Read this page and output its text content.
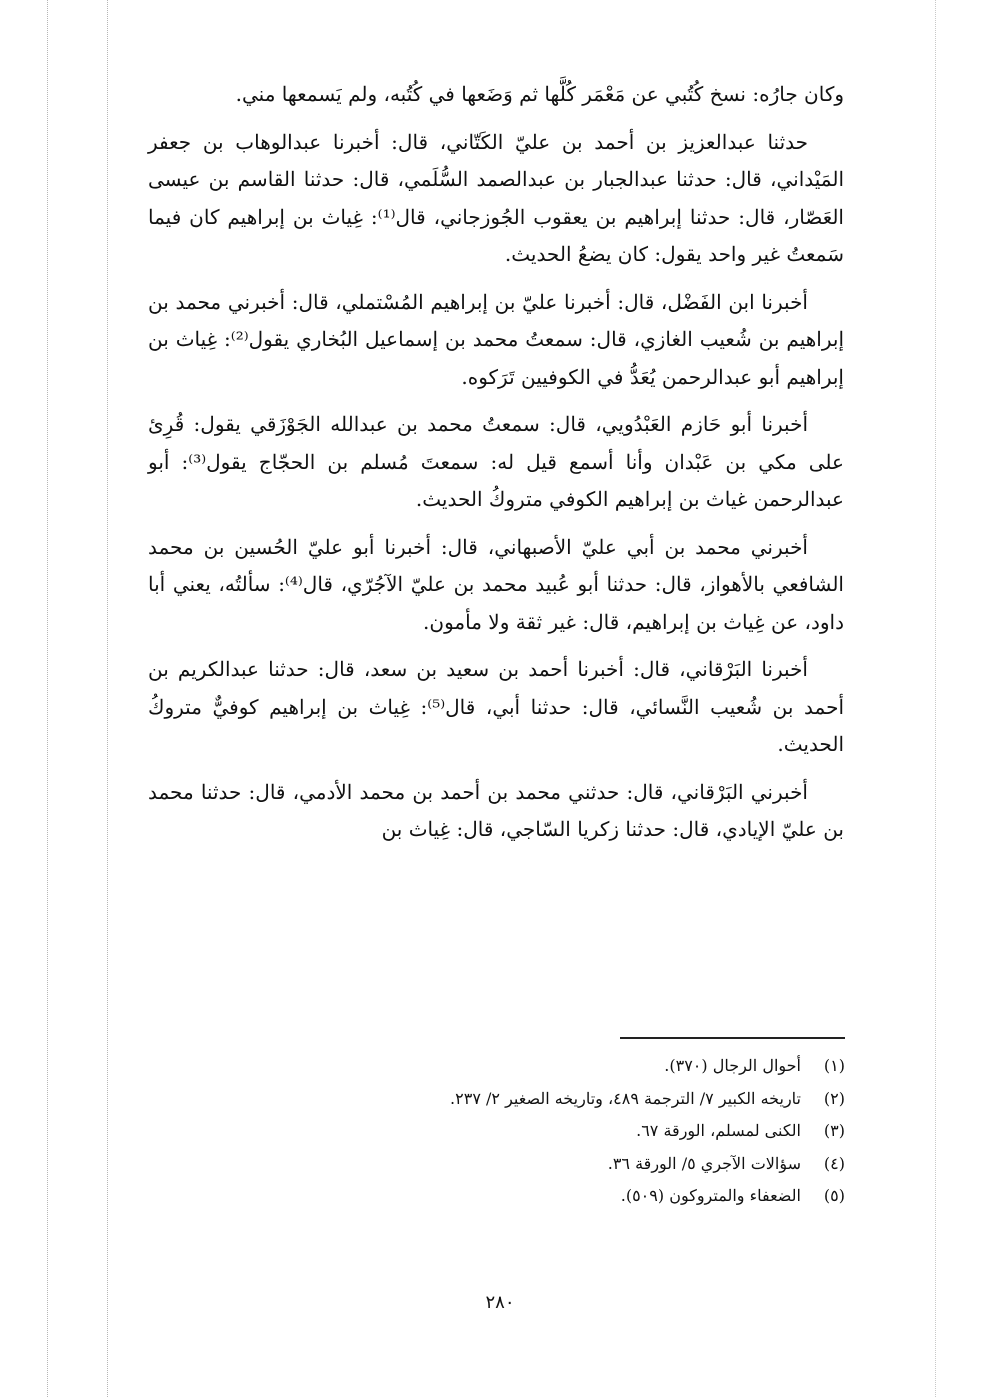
وكان جارُه: نسخ كُتُبي عن مَعْمَر كُلَّها ثم وَضَعها في كُتُبه، ولم يَسمعها مني.

حدثنا عبدالعزيز بن أحمد بن عليّ الكَتّاني، قال: أخبرنا عبدالوهاب بن جعفر المَيْداني، قال: حدثنا عبدالجبار بن عبدالصمد السُّلَمي، قال: حدثنا القاسم بن عيسى العَصّار، قال: حدثنا إبراهيم بن يعقوب الجُوزجاني، قال⁽¹⁾: غِياث بن إبراهيم كان فيما سَمعتُ غير واحد يقول: كان يضعُ الحديث.

أخبرنا ابن الفَضْل، قال: أخبرنا عليّ بن إبراهيم المُسْتملي، قال: أخبرني محمد بن إبراهيم بن شُعيب الغازي، قال: سمعتُ محمد بن إسماعيل البُخاري يقول⁽²⁾: غِياث بن إبراهيم أبو عبدالرحمن يُعَدُّ في الكوفيين تَرَكوه.

أخبرنا أبو حَازم العَبْدُويي، قال: سمعتُ محمد بن عبدالله الجَوْزَقي يقول: قُرِئ على مكي بن عَبْدان وأنا أسمع قيل له: سمعتَ مُسلم بن الحجّاج يقول⁽³⁾: أبو عبدالرحمن غياث بن إبراهيم الكوفي متروكُ الحديث.

أخبرني محمد بن أبي عليّ الأصبهاني، قال: أخبرنا أبو عليّ الحُسين بن محمد الشافعي بالأهواز، قال: حدثنا أبو عُبيد محمد بن عليّ الآجُرّي، قال⁽⁴⁾: سألتُه، يعني أبا داود، عن غِياث بن إبراهيم، قال: غير ثقة ولا مأمون.

أخبرنا البَرْقاني، قال: أخبرنا أحمد بن سعيد بن سعد، قال: حدثنا عبدالكريم بن أحمد بن شُعيب النَّسائي، قال: حدثنا أبي، قال⁽⁵⁾: غِياث بن إبراهيم كوفيٌّ متروكُ الحديث.

أخبرني البَرْقاني، قال: حدثني محمد بن أحمد بن محمد الأدمي، قال: حدثنا محمد بن عليّ الإيادي، قال: حدثنا زكريا السّاجي، قال: غِياث بن

(١)
أحوال الرجال (٣٧٠).
(٢)
تاريخه الكبير ٧/ الترجمة ٤٨٩، وتاريخه الصغير ٢/ ٢٣٧.
(٣)
الكنى لمسلم، الورقة ٦٧.
(٤)
سؤالات الآجري ٥/ الورقة ٣٦.
(٥)
الضعفاء والمتروكون (٥٠٩).
٢٨٠
